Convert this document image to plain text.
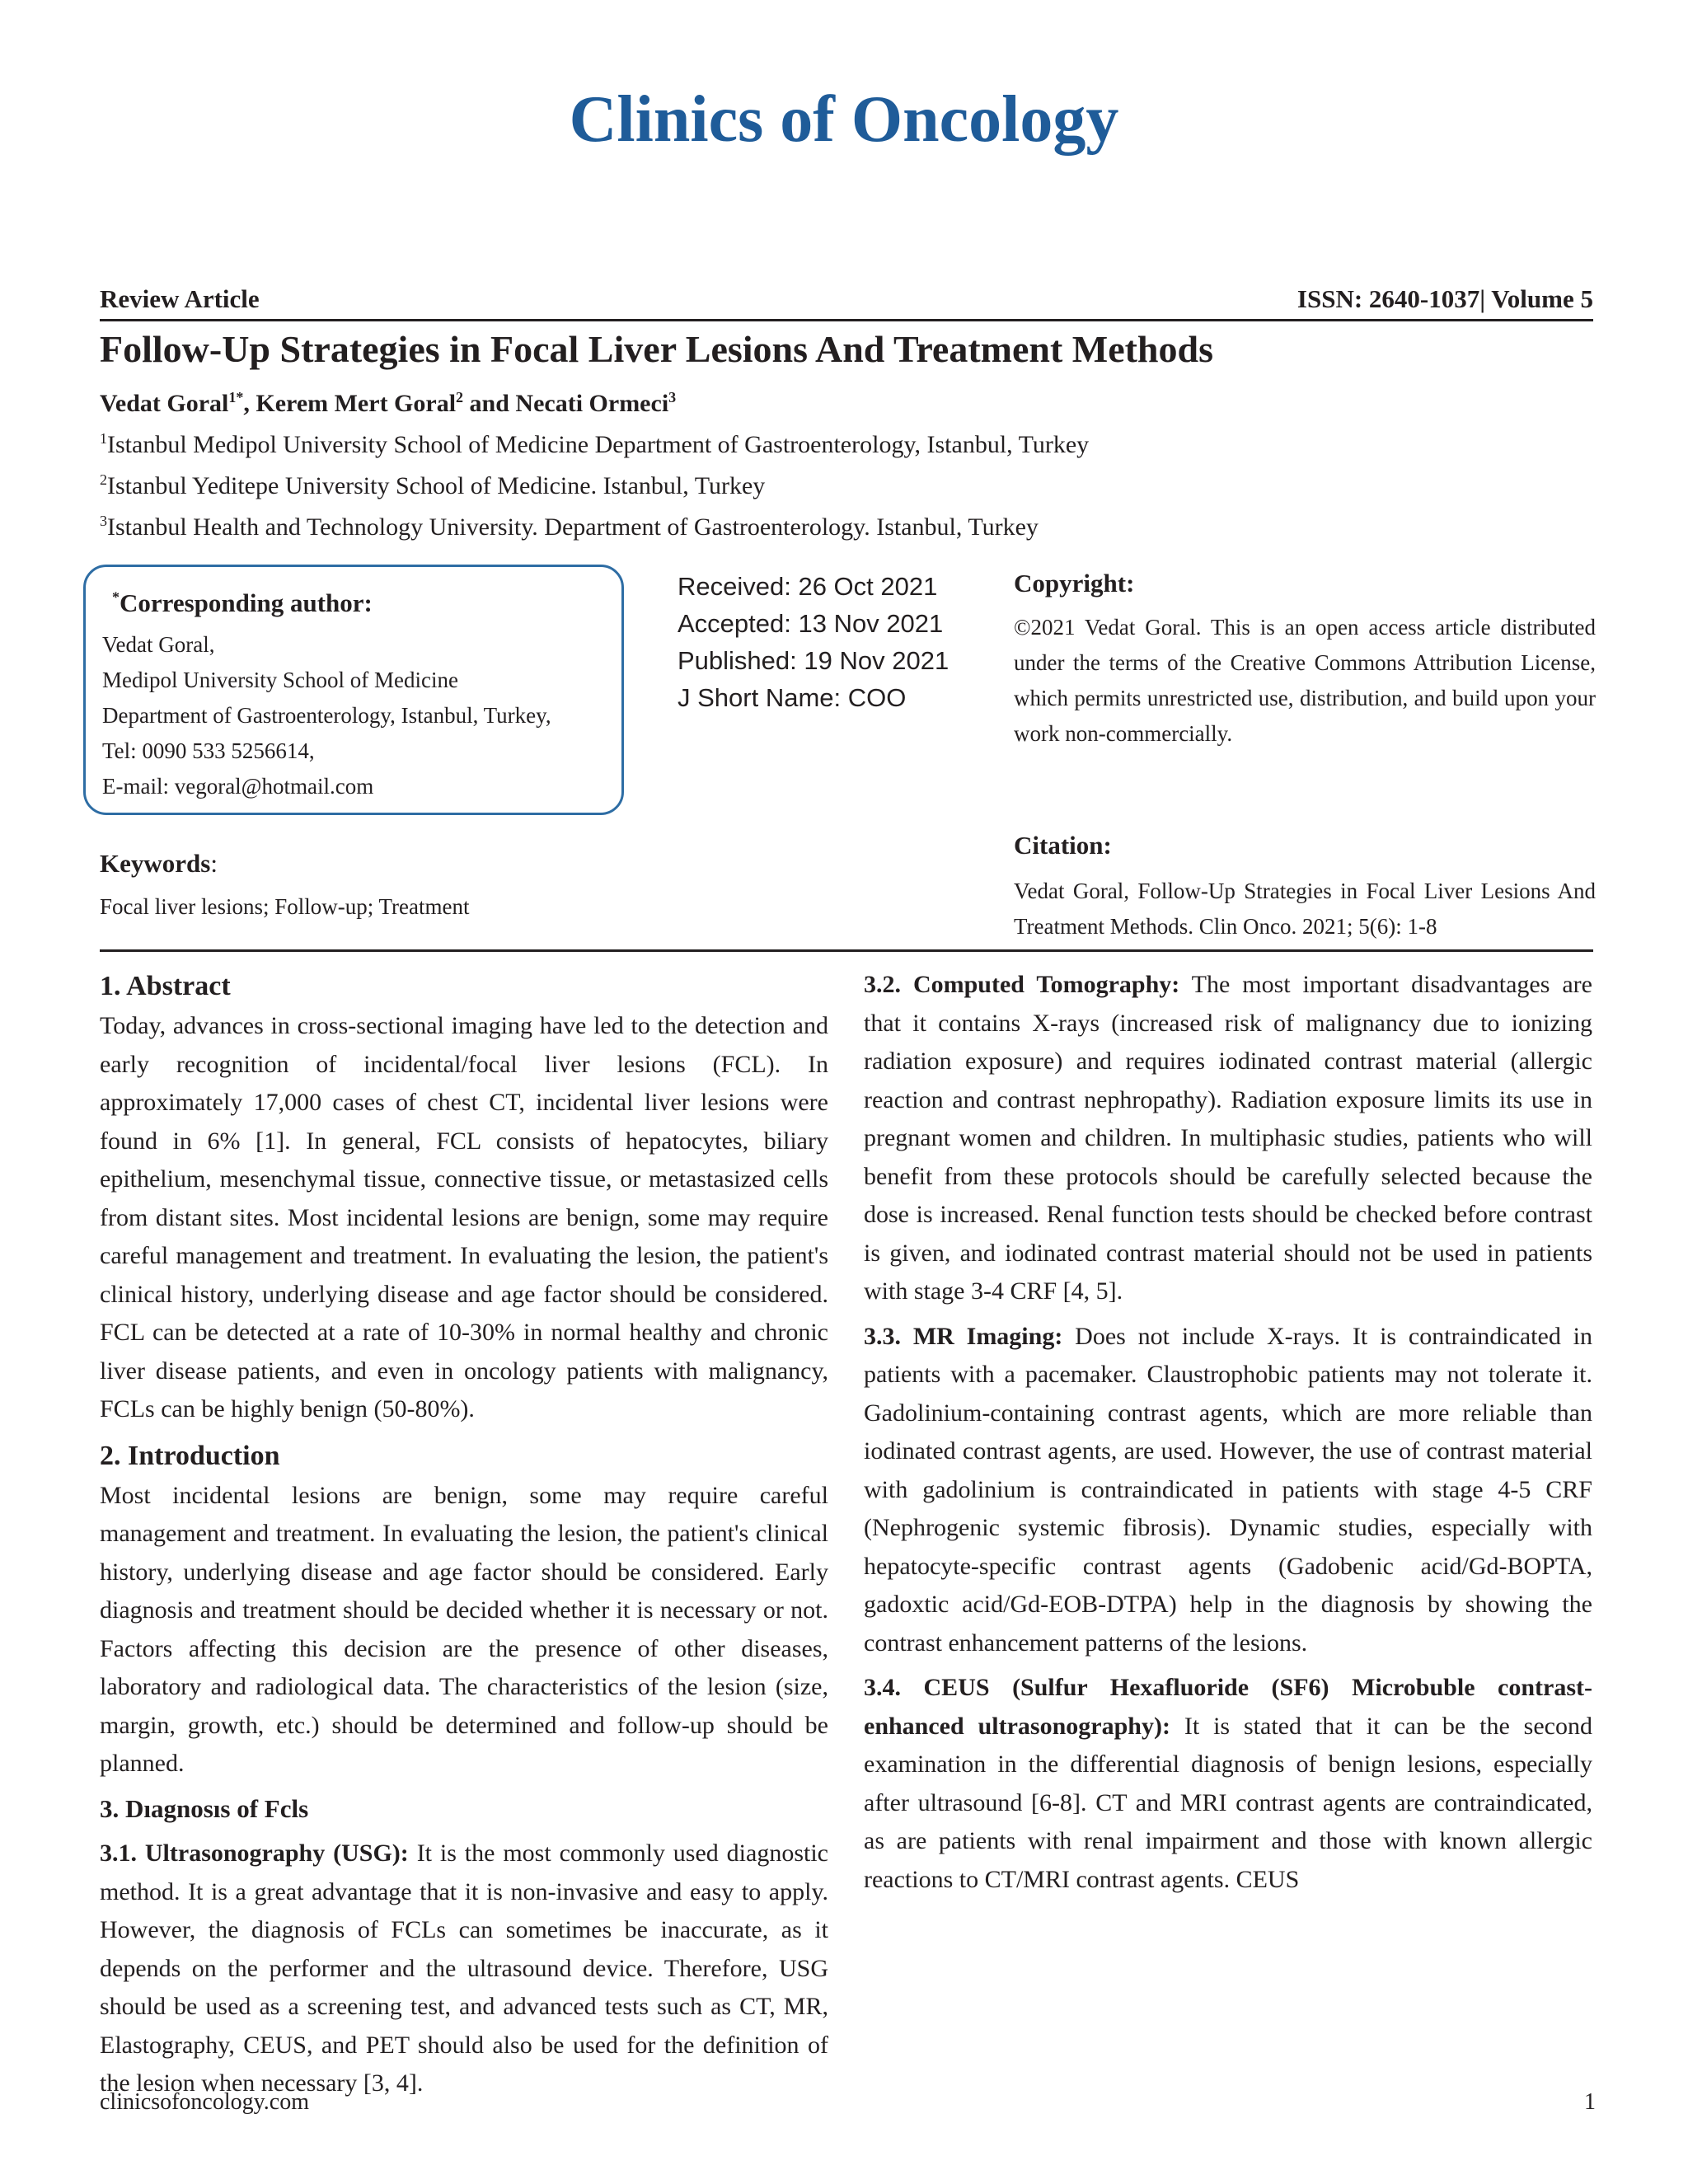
Clinics of Oncology
Review Article	ISSN: 2640-1037| Volume 5
Follow-Up Strategies in Focal Liver Lesions And Treatment Methods
Vedat Goral$^{1*}$, Kerem Mert Goral$^2$ and Necati Ormeci$^3$
$^1$Istanbul Medipol University School of Medicine Department of Gastroenterology, Istanbul, Turkey
$^2$Istanbul Yeditepe University School of Medicine. Istanbul, Turkey
$^3$Istanbul Health and Technology University. Department of Gastroenterology. Istanbul, Turkey
*Corresponding author:
Vedat Goral,
Medipol University School of Medicine
Department of Gastroenterology, Istanbul, Turkey,
Tel: 0090 533 5256614,
E-mail: vegoral@hotmail.com
Received: 26 Oct 2021
Accepted: 13 Nov 2021
Published: 19 Nov 2021
J Short Name: COO
Copyright:
©2021 Vedat Goral. This is an open access article distributed under the terms of the Creative Commons Attribution License, which permits unrestricted use, distribution, and build upon your work non-commercially.
Keywords:
Focal liver lesions; Follow-up; Treatment
Citation:
Vedat Goral, Follow-Up Strategies in Focal Liver Lesions And Treatment Methods. Clin Onco. 2021; 5(6): 1-8
1. Abstract

Today, advances in cross-sectional imaging have led to the detection and early recognition of incidental/focal liver lesions (FCL). In approximately 17,000 cases of chest CT, incidental liver lesions were found in 6% [1]. In general, FCL consists of hepatocytes, biliary epithelium, mesenchymal tissue, connective tissue, or metastasized cells from distant sites. Most incidental lesions are benign, some may require careful management and treatment. In evaluating the lesion, the patient's clinical history, underlying disease and age factor should be considered. FCL can be detected at a rate of 10-30% in normal healthy and chronic liver disease patients, and even in oncology patients with malignancy, FCLs can be highly benign (50-80%).

2. Introduction

Most incidental lesions are benign, some may require careful management and treatment. In evaluating the lesion, the patient's clinical history, underlying disease and age factor should be considered. Early diagnosis and treatment should be decided whether it is necessary or not. Factors affecting this decision are the presence of other diseases, laboratory and radiological data. The characteristics of the lesion (size, margin, growth, etc.) should be determined and follow-up should be planned.

3. Dıagnosıs of Fcls

3.1. Ultrasonography (USG): It is the most commonly used diagnostic method. It is a great advantage that it is non-invasive and easy to apply. However, the diagnosis of FCLs can sometimes be inaccurate, as it depends on the performer and the ultrasound device. Therefore, USG should be used as a screening test, and advanced tests such as CT, MR, Elastography, CEUS, and PET should also be used for the definition of the lesion when necessary [3, 4].

3.2. Computed Tomography: The most important disadvantages are that it contains X-rays (increased risk of malignancy due to ionizing radiation exposure) and requires iodinated contrast material (allergic reaction and contrast nephropathy). Radiation exposure limits its use in pregnant women and children. In multiphasic studies, patients who will benefit from these protocols should be carefully selected because the dose is increased. Renal function tests should be checked before contrast is given, and iodinated contrast material should not be used in patients with stage 3-4 CRF [4, 5].

3.3. MR Imaging: Does not include X-rays. It is contraindicated in patients with a pacemaker. Claustrophobic patients may not tolerate it. Gadolinium-containing contrast agents, which are more reliable than iodinated contrast agents, are used. However, the use of contrast material with gadolinium is contraindicated in patients with stage 4-5 CRF (Nephrogenic systemic fibrosis). Dynamic studies, especially with hepatocyte-specific contrast agents (Gadobenic acid/Gd-BOPTA, gadoxtic acid/Gd-EOB-DTPA) help in the diagnosis by showing the contrast enhancement patterns of the lesions.

3.4. CEUS (Sulfur Hexafluoride (SF6) Microbuble contrast-enhanced ultrasonography): It is stated that it can be the second examination in the differential diagnosis of benign lesions, especially after ultrasound [6-8]. CT and MRI contrast agents are contraindicated, as are patients with renal impairment and those with known allergic reactions to CT/MRI contrast agents. CEUS

clinicsofoncology.com	1
